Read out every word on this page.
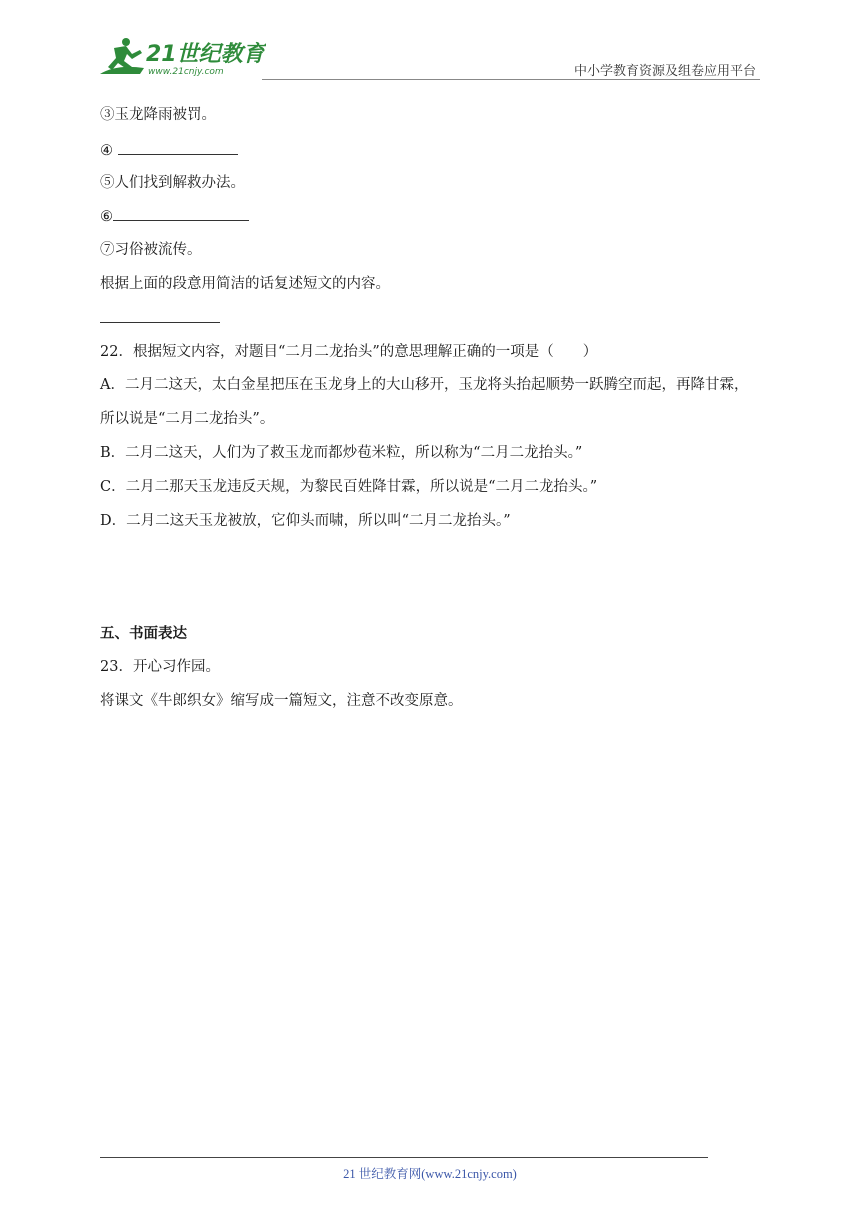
21世纪教育
www.21cnjy.com	中小学教育资源及组卷应用平台
③玉龙降雨被罚。
④
⑤人们找到解救办法。
⑥
⑦习俗被流传。
根据上面的段意用简洁的话复述短文的内容。
22．根据短文内容，对题目“二月二龙抬头”的意思理解正确的一项是（　　）
A．二月二这天，太白金星把压在玉龙身上的大山移开，玉龙将头抬起顺势一跃腾空而起，再降甘霖，
所以说是“二月二龙抬头”。
B．二月二这天，人们为了救玉龙而都炒苞米粒，所以称为“二月二龙抬头。”
C．二月二那天玉龙违反天规，为黎民百姓降甘霖，所以说是“二月二龙抬头。”
D．二月二这天玉龙被放，它仰头而啸，所以叫“二月二龙抬头。”
五、书面表达
23．开心习作园。
将课文《牛郎织女》缩写成一篇短文，注意不改变原意。
21 世纪教育网(www.21cnjy.com)
